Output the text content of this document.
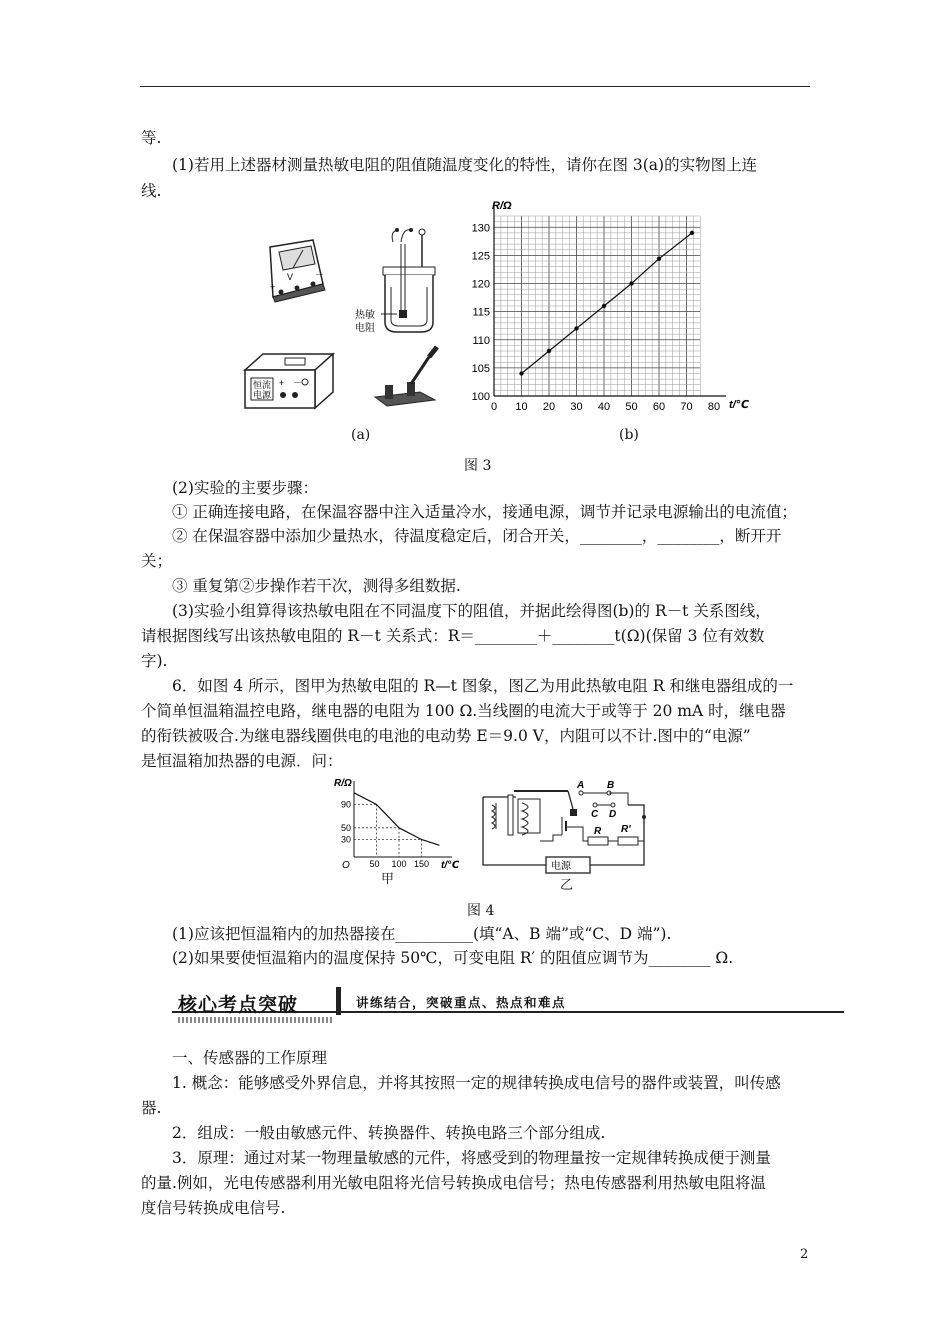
等.
(1)若用上述器材测量热敏电阻的阻值随温度变化的特性，请你在图 3(a)的实物图上连
线.
V
+
－
热敏
电阻
恒流
电源
+ －
R/Ω
t/℃
0 10 20 30 40 50 60 70 80
100
105
110
115
120
125
130
(a)	(b)
图 3
(2)实验的主要步骤：
① 正确连接电路，在保温容器中注入适量冷水，接通电源，调节并记录电源输出的电流值；
② 在保温容器中添加少量热水，待温度稳定后，闭合开关，________，________，断开开
关；
③ 重复第②步操作若干次，测得多组数据.
(3)实验小组算得该热敏电阻在不同温度下的阻值，并据此绘得图(b)的 R－t 关系图线，
请根据图线写出该热敏电阻的 R－t 关系式：R＝________＋________t(Ω)(保留 3 位有效数
字).
6．如图 4 所示，图甲为热敏电阻的 R—t 图象，图乙为用此热敏电阻 R 和继电器组成的一
个简单恒温箱温控电路，继电器的电阻为 100 Ω.当线圈的电流大于或等于 20 mA 时，继电器
的衔铁被吸合.为继电器线圈供电的电池的电动势 E＝9.0 V，内阻可以不计.图中的“电源”
是恒温箱加热器的电源．问：
R/Ω
t/℃
O 50 100 150
30
50
90
甲
电源
R R′
A B
C D
乙
图 4
(1)应该把恒温箱内的加热器接在__________(填“A、B 端”或“C、D 端”).
(2)如果要使恒温箱内的温度保持 50℃，可变电阻 R′ 的阻值应调节为________ Ω.
核心考点突破	讲练结合，突破重点、热点和难点
一、传感器的工作原理
1. 概念：能够感受外界信息，并将其按照一定的规律转换成电信号的器件或装置，叫传感
器.
2．组成：一般由敏感元件、转换器件、转换电路三个部分组成.
3．原理：通过对某一物理量敏感的元件，将感受到的物理量按一定规律转换成便于测量
的量.例如，光电传感器利用光敏电阻将光信号转换成电信号；热电传感器利用热敏电阻将温
度信号转换成电信号.
2
